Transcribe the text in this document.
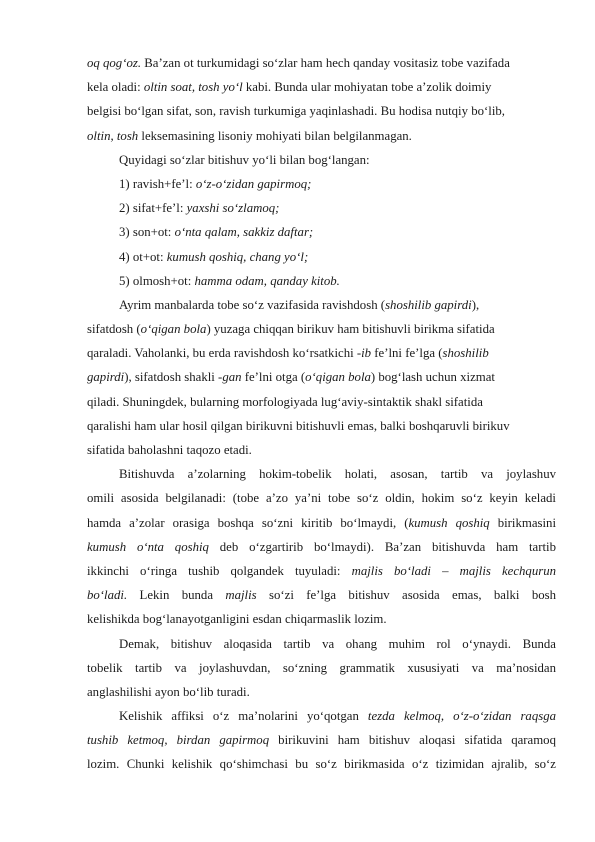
oq qog‘oz. Ba’zan ot turkumidagi so‘zlar ham hech qanday vositasiz tobe vazifada
kela oladi: oltin soat, tosh yo‘l kabi. Bunda ular mohiyatan tobe a’zolik doimiy
belgisi bo‘lgan sifat, son, ravish turkumiga yaqinlashadi. Bu hodisa nutqiy bo‘lib,
oltin, tosh leksemasining lisoniy mohiyati bilan belgilanmagan.
Quyidagi so‘zlar bitishuv yo‘li bilan bog‘langan:
1) ravish+fe’l: o‘z-o‘zidan gapirmoq;
2) sifat+fe’l: yaxshi so‘zlamoq;
3) son+ot: o‘nta qalam, sakkiz daftar;
4) ot+ot: kumush qoshiq, chang yo‘l;
5) olmosh+ot: hamma odam, qanday kitob.
Ayrim manbalarda tobe so‘z vazifasida ravishdosh (shoshilib gapirdi),
sifatdosh (o‘qigan bola) yuzaga chiqqan birikuv ham bitishuvli birikma sifatida
qaraladi. Vaholanki, bu erda ravishdosh ko‘rsatkichi -ib fe’lni fe’lga (shoshilib
gapirdi), sifatdosh shakli -gan fe’lni otga (o‘qigan bola) bog‘lash uchun xizmat
qiladi. Shuningdek, bularning morfologiyada lug‘aviy-sintaktik shakl sifatida
qaralishi ham ular hosil qilgan birikuvni bitishuvli emas, balki boshqaruvli birikuv
sifatida baholashni taqozo etadi.
Bitishuvda a’zolarning hokim-tobelik holati, asosan, tartib va joylashuv
omili asosida belgilanadi: (tobe a’zo ya’ni tobe so‘z oldin, hokim so‘z keyin keladi
hamda a’zolar orasiga boshqa so‘zni kiritib bo‘lmaydi, (kumush qoshiq birikmasini
kumush o‘nta qoshiq deb o‘zgartirib bo‘lmaydi). Ba’zan bitishuvda ham tartib
ikkinchi o‘ringa tushib qolgandek tuyuladi: majlis bo‘ladi – majlis kechqurun
bo‘ladi. Lekin bunda majlis so‘zi fe’lga bitishuv asosida emas, balki bosh
kelishikda bog‘lanayotganligini esdan chiqarmaslik lozim.
Demak, bitishuv aloqasida tartib va ohang muhim rol o‘ynaydi. Bunda
tobelik tartib va joylashuvdan, so‘zning grammatik xususiyati va ma’nosidan
anglashilishi ayon bo‘lib turadi.
Kelishik affiksi o‘z ma’nolarini yo‘qotgan tezda kelmoq, o‘z-o‘zidan raqsga
tushib ketmoq, birdan gapirmoq birikuvini ham bitishuv aloqasi sifatida qaramoq
lozim. Chunki kelishik qo‘shimchasi bu so‘z birikmasida o‘z tizimidan ajralib, so‘z
